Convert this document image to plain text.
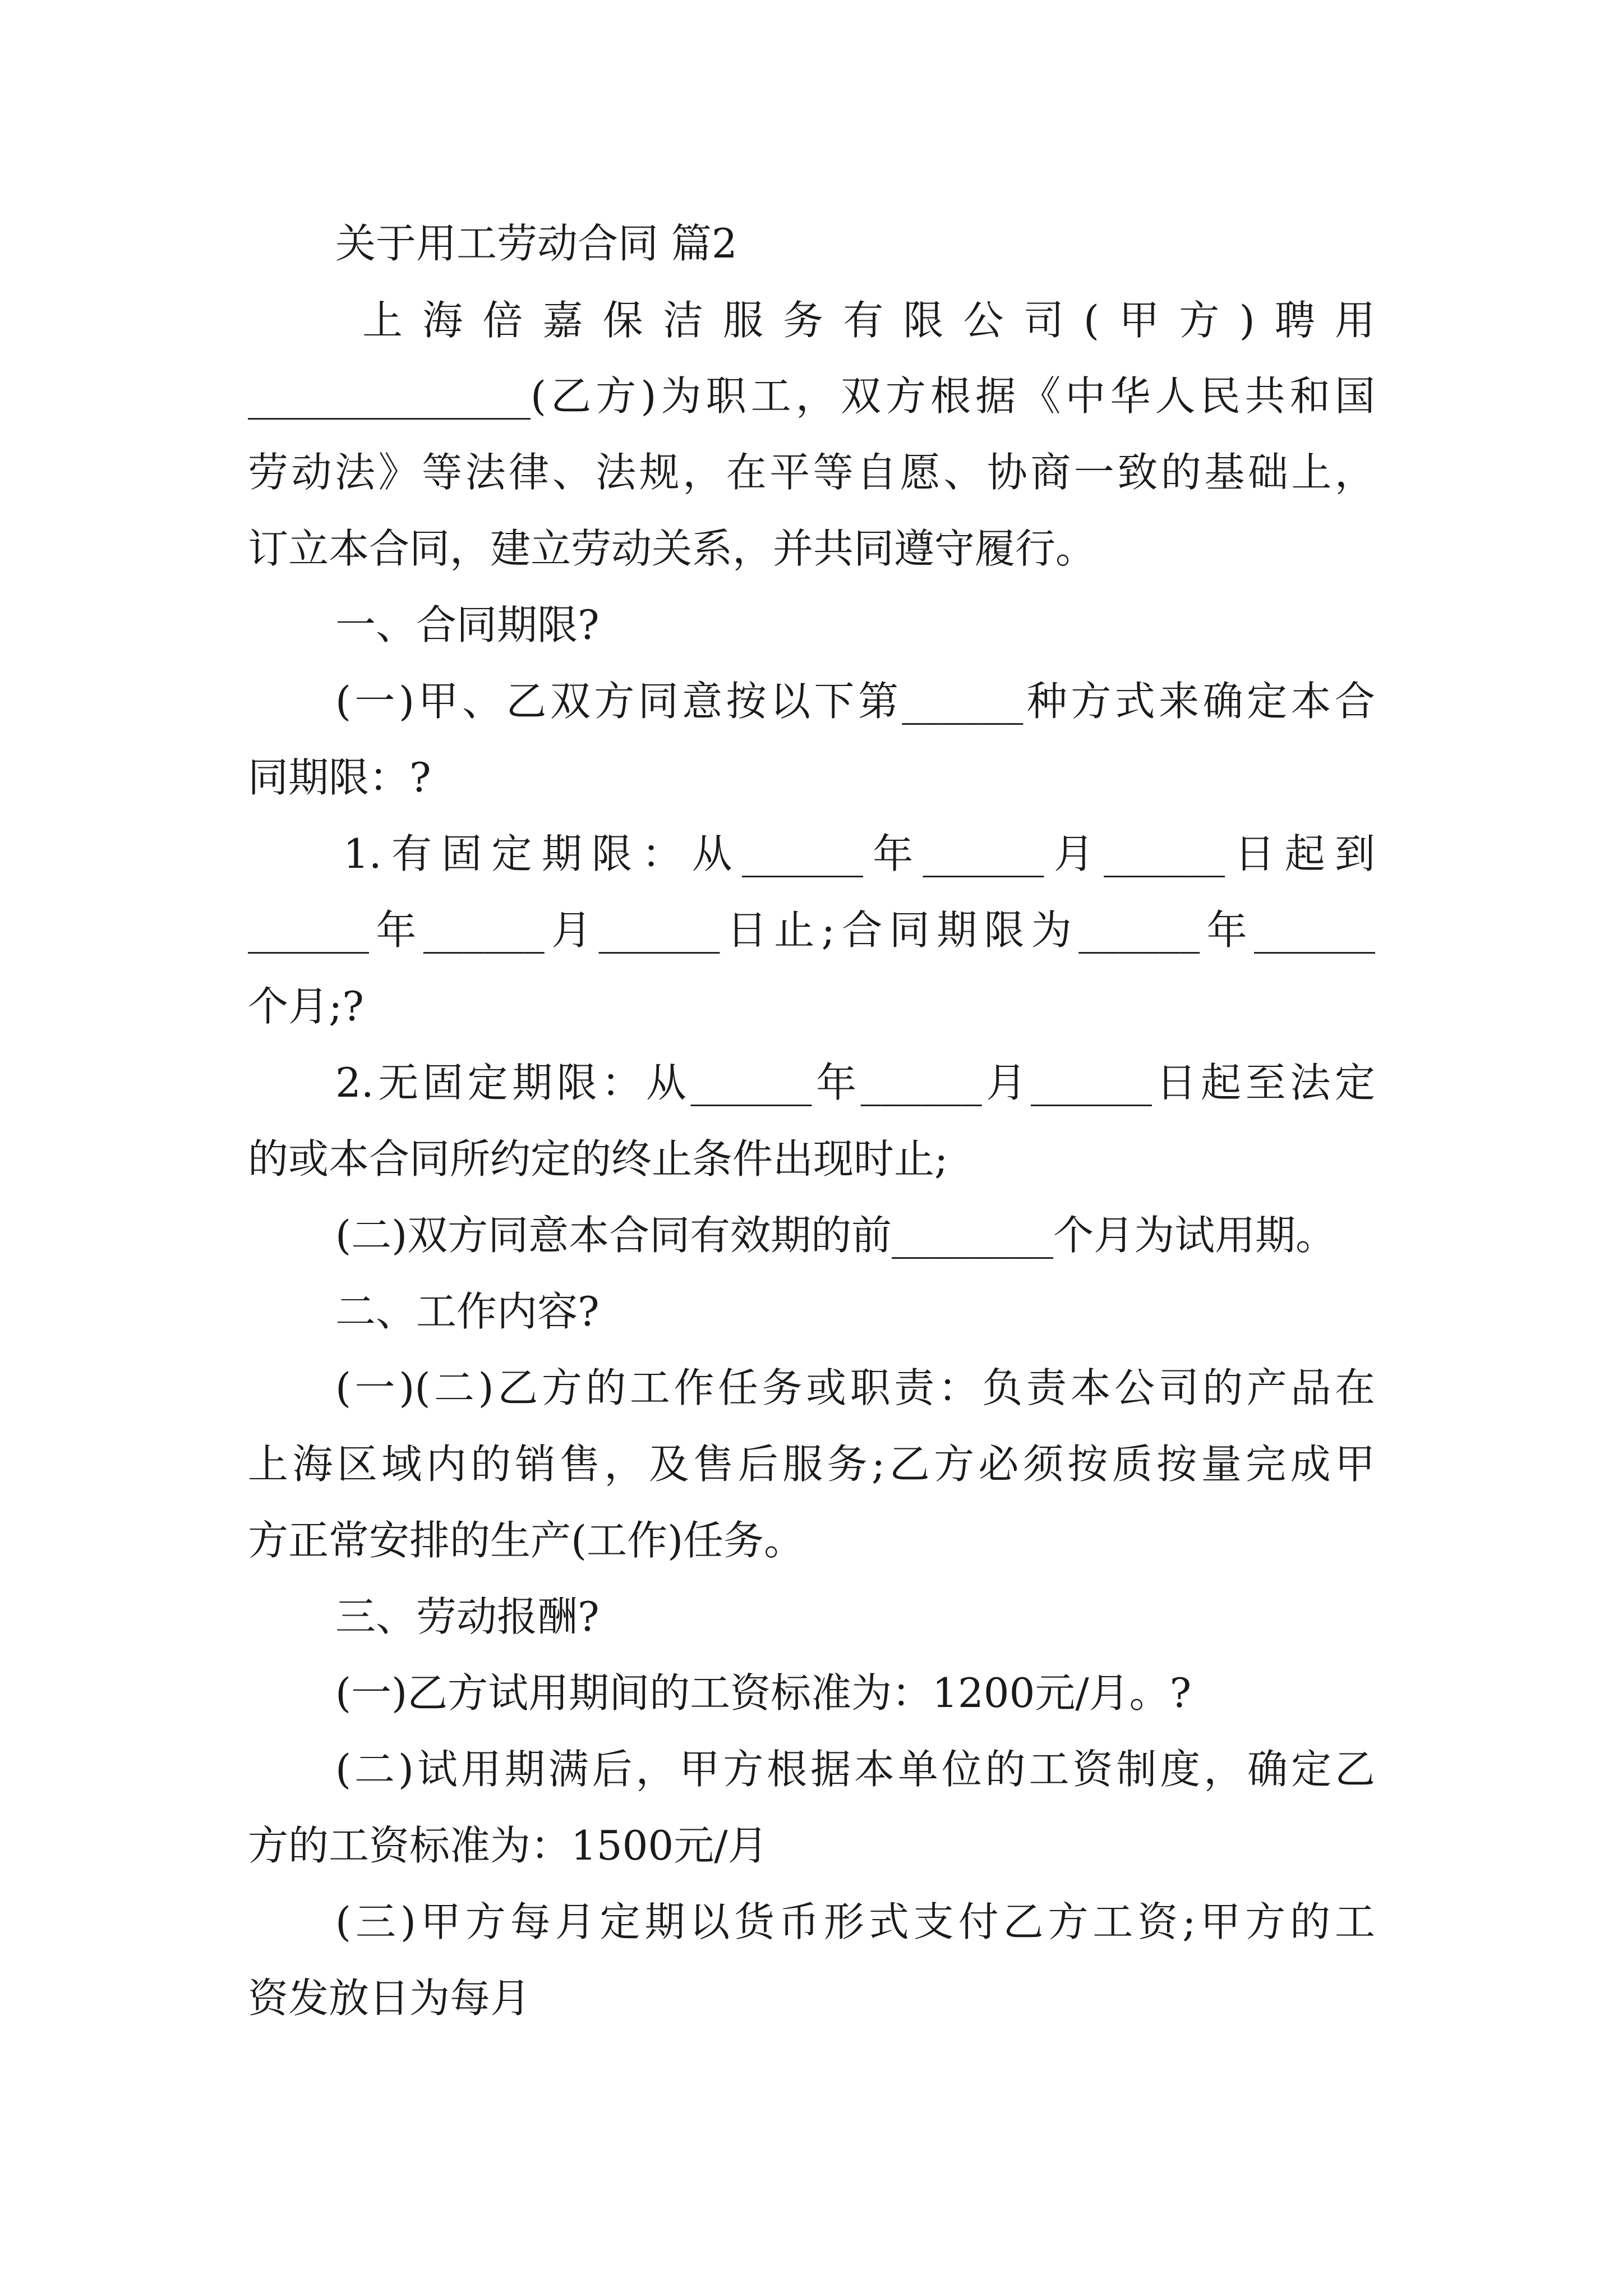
关于用工劳动合同 篇2
上海倍嘉保洁服务有限公司(甲方)聘用
______________(乙方)为职工，双方根据《中华人民共和国
劳动法》等法律、法规，在平等自愿、协商一致的基础上，
订立本合同，建立劳动关系，并共同遵守履行。
一、合同期限?
(一)甲、乙双方同意按以下第______种方式来确定本合
同期限：?
1.有固定期限：从______年______月______日起到
______年______月______日止;合同期限为______年______
个月;?
2.无固定期限：从______年______月______日起至法定
的或本合同所约定的终止条件出现时止;
(二)双方同意本合同有效期的前________个月为试用期。
二、工作内容?
(一)(二)乙方的工作任务或职责：负责本公司的产品在
上海区域内的销售，及售后服务;乙方必须按质按量完成甲
方正常安排的生产(工作)任务。
三、劳动报酬?
(一)乙方试用期间的工资标准为：1200元/月。?
(二)试用期满后，甲方根据本单位的工资制度，确定乙
方的工资标准为：1500元/月
(三)甲方每月定期以货币形式支付乙方工资;甲方的工
资发放日为每月
